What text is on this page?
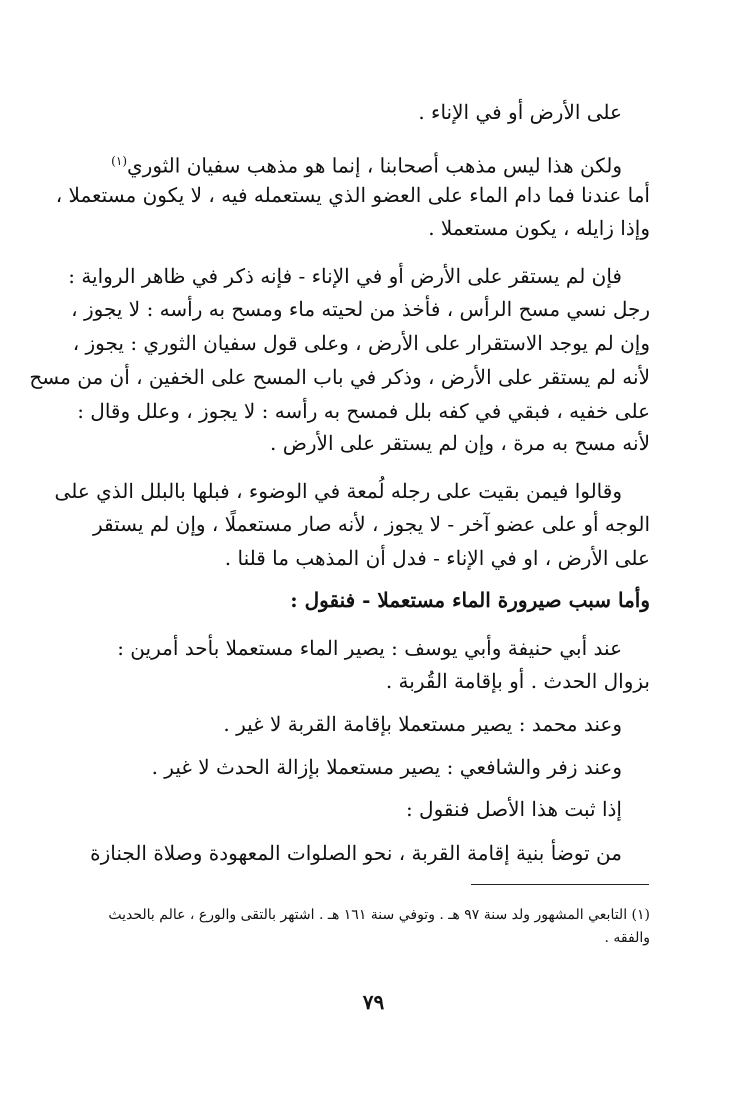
على الأرض أو في الإناء .
ولكن هذا ليس مذهب أصحابنا ، إنما هو مذهب سفيان الثوري$^{(١)}$
أما عندنا فما دام الماء على العضو الذي يستعمله فيه ، لا يكون مستعملا ،
وإذا زايله ، يكون مستعملا .
فإن لم يستقر على الأرض أو في الإناء - فإنه ذكر في ظاهر الرواية :
رجل نسي مسح الرأس ، فأخذ من لحيته ماء ومسح به رأسه : لا يجوز ،
وإن لم يوجد الاستقرار على الأرض ، وعلى قول سفيان الثوري : يجوز ،
لأنه لم يستقر على الأرض ، وذكر في باب المسح على الخفين ، أن من مسح
على خفيه ، فبقي في كفه بلل فمسح به رأسه : لا يجوز ، وعلل وقال :
لأنه مسح به مرة ، وإن لم يستقر على الأرض .
وقالوا فيمن بقيت على رجله لُمعة في الوضوء ، فبلها بالبلل الذي على
الوجه أو على عضو آخر - لا يجوز ، لأنه صار مستعملًا ، وإن لم يستقر
على الأرض ، او في الإناء - فدل أن المذهب ما قلنا .
وأما سبب صيرورة الماء مستعملا - فنقول :
عند أبي حنيفة وأبي يوسف : يصير الماء مستعملا بأحد أمرين :
بزوال الحدث . أو بإقامة القُربة .
وعند محمد : يصير مستعملا بإقامة القربة لا غير .
وعند زفر والشافعي : يصير مستعملا بإزالة الحدث لا غير .
إذا ثبت هذا الأصل فنقول :
من توضأ بنية إقامة القربة ، نحو الصلوات المعهودة وصلاة الجنازة
(١) التابعي المشهور ولد سنة ٩٧ هـ . وتوفي سنة ١٦١ هـ . اشتهر بالتقى والورع ، عالم بالحديث
والفقه .
٧٩
